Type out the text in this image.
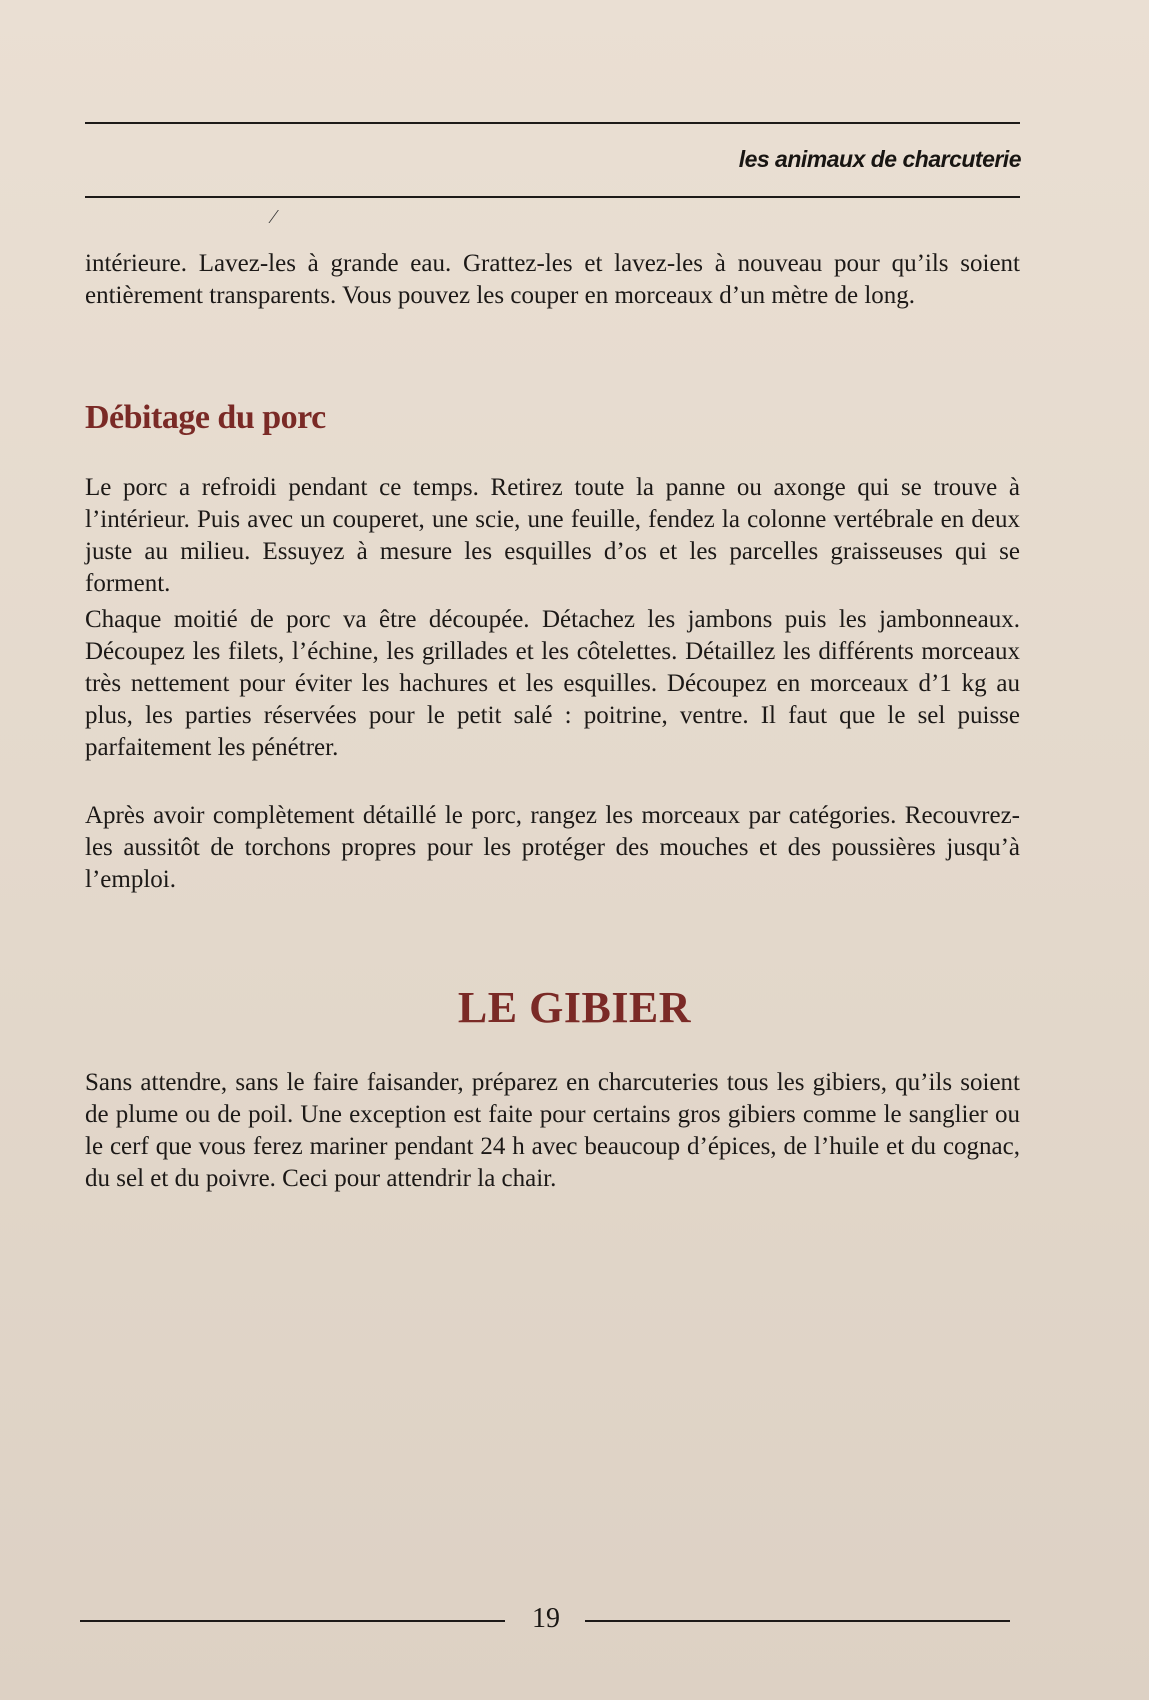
les animaux de charcuterie
⁄

intérieure. Lavez-les à grande eau. Grattez-les et lavez-les à nouveau pour qu’ils soient entièrement transparents. Vous pouvez les couper en morceaux d’un mètre de long.

Débitage du porc

Le porc a refroidi pendant ce temps. Retirez toute la panne ou axonge qui se trouve à l’intérieur. Puis avec un couperet, une scie, une feuille, fendez la colonne vertébrale en deux juste au milieu. Essuyez à mesure les esquilles d’os et les parcelles graisseuses qui se forment.

Chaque moitié de porc va être découpée. Détachez les jambons puis les jambonneaux. Découpez les filets, l’échine, les grillades et les côtelettes. Détaillez les différents morceaux très nettement pour éviter les hachures et les esquilles. Découpez en morceaux d’1 kg au plus, les parties réservées pour le petit salé : poitrine, ventre. Il faut que le sel puisse parfaitement les pénétrer.

Après avoir complètement détaillé le porc, rangez les morceaux par catégories. Recouvrez-les aussitôt de torchons propres pour les protéger des mouches et des poussières jusqu’à l’emploi.

LE GIBIER

Sans attendre, sans le faire faisander, préparez en charcuteries tous les gibiers, qu’ils soient de plume ou de poil. Une exception est faite pour certains gros gibiers comme le sanglier ou le cerf que vous ferez mariner pendant 24 h avec beaucoup d’épices, de l’huile et du cognac, du sel et du poivre. Ceci pour attendrir la chair.

19
